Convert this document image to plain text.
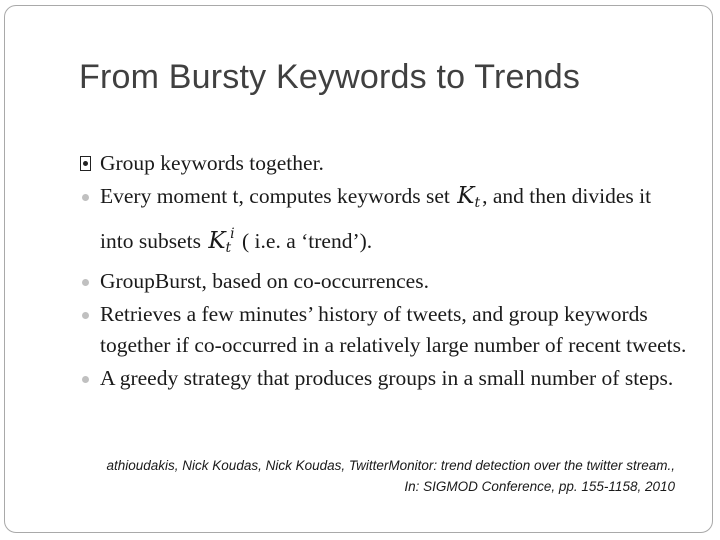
From Bursty Keywords to Trends
Group keywords together.
Every moment t, computes keywords set $K_t$, and then divides it into subsets $K_t^i$ ( i.e. a ‘trend’).
GroupBurst, based on co-occurrences.
Retrieves a few minutes’ history of tweets, and group keywords together if co-occurred in a relatively large number of recent tweets.
A greedy strategy that produces groups in a small number of steps.
athioudakis, Nick Koudas, Nick Koudas, TwitterMonitor: trend detection over the twitter stream.,
In: SIGMOD Conference, pp. 155-1158, 2010
